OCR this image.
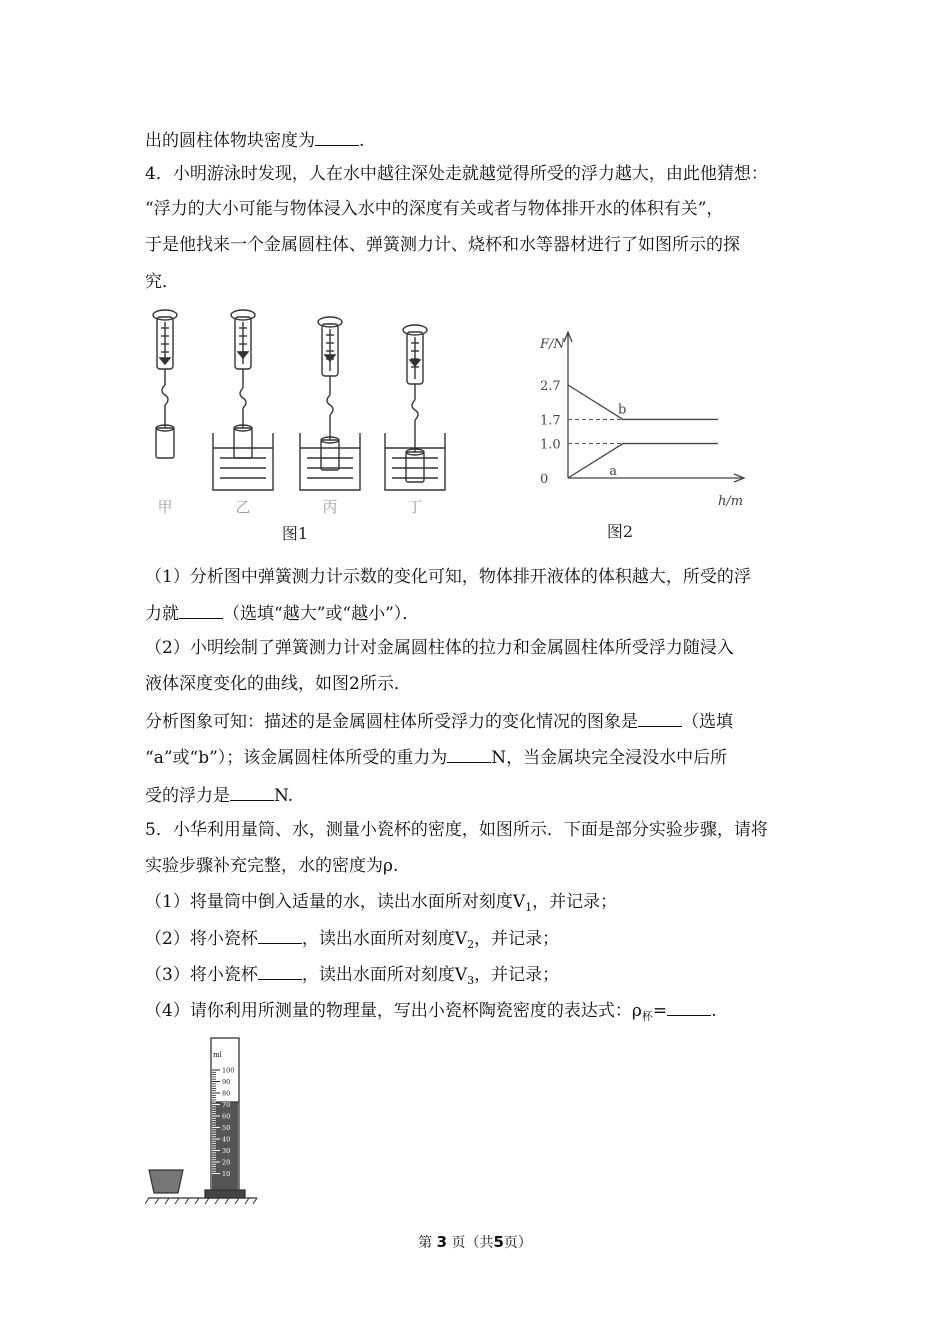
出的圆柱体物块密度为	.
4．小明游泳时发现，人在水中越往深处走就越觉得所受的浮力越大，由此他猜想：
“浮力的大小可能与物体浸入水中的深度有关或者与物体排开水的体积有关”，
于是他找来一个金属圆柱体、弹簧测力计、烧杯和水等器材进行了如图所示的探
究．
甲	乙	丙	丁
图1
2.7
1.7
1.0
0
a
b
F/N
h/m
图2
（1）分析图中弹簧测力计示数的变化可知，物体排开液体的体积越大，所受的浮
力就	（选填“越大”或“越小”）．
（2）小明绘制了弹簧测力计对金属圆柱体的拉力和金属圆柱体所受浮力随浸入
液体深度变化的曲线，如图2所示．
分析图象可知：描述的是金属圆柱体所受浮力的变化情况的图象是	（选填
“a”或“b”）；该金属圆柱体所受的重力为	N，当金属块完全浸没水中后所
受的浮力是	N.
5．小华利用量筒、水，测量小瓷杯的密度，如图所示．下面是部分实验步骤，请将
实验步骤补充完整，水的密度为ρ.
（1）将量筒中倒入适量的水，读出水面所对刻度$V_1$，并记录；
（2）将小瓷杯	，读出水面所对刻度$V_2$，并记录；
（3）将小瓷杯	，读出水面所对刻度$V_3$，并记录；
（4）请你利用所测量的物理量，写出小瓷杯陶瓷密度的表达式：$\rho_杯=$	.
ml
100
90
80
70
60
50
40
30
20
10
第 3 页（共5页）
